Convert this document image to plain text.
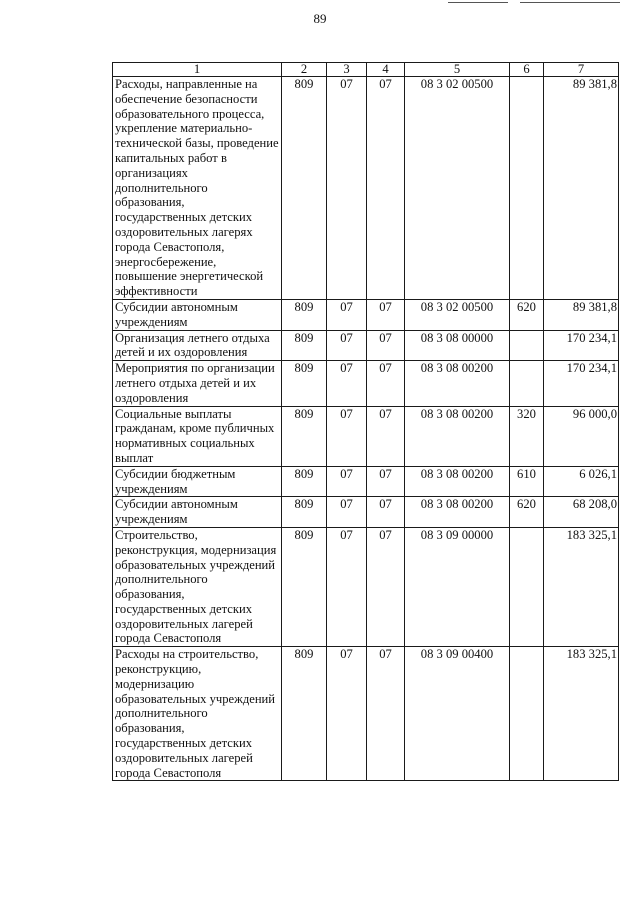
89
1	2	3	4	5	6	7
Расходы, направленные на обеспечение безопасности образовательного процесса, укрепление материально-технической базы, проведение капитальных работ в организациях дополнительного образования, государственных детских оздоровительных лагерях города Севастополя, энергосбережение, повышение энергетической эффективности	809	07	07	08 3 02 00500		89 381,8
Субсидии автономным учреждениям	809	07	07	08 3 02 00500	620	89 381,8
Организация летнего отдыха детей и их оздоровления	809	07	07	08 3 08 00000		170 234,1
Мероприятия по организации летнего отдыха детей и их оздоровления	809	07	07	08 3 08 00200		170 234,1
Социальные выплаты гражданам, кроме публичных нормативных социальных выплат	809	07	07	08 3 08 00200	320	96 000,0
Субсидии бюджетным учреждениям	809	07	07	08 3 08 00200	610	6 026,1
Субсидии автономным учреждениям	809	07	07	08 3 08 00200	620	68 208,0
Строительство, реконструкция, модернизация образовательных учреждений дополнительного образования, государственных детских оздоровительных лагерей города Севастополя	809	07	07	08 3 09 00000		183 325,1
Расходы на строительство, реконструкцию, модернизацию образовательных учреждений дополнительного образования, государственных детских оздоровительных лагерей города Севастополя	809	07	07	08 3 09 00400		183 325,1
